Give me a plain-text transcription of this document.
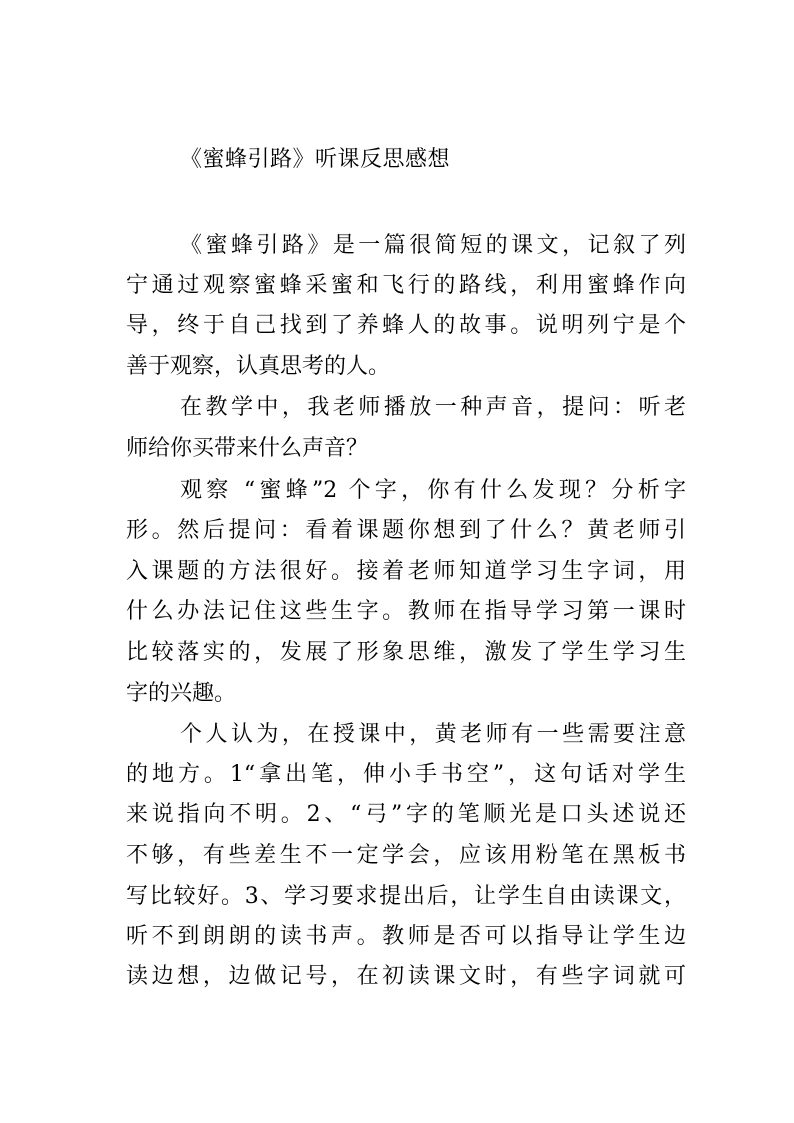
《蜜蜂引路》听课反思感想
《蜜蜂引路》是一篇很简短的课文，记叙了列
宁通过观察蜜蜂采蜜和飞行的路线，利用蜜蜂作向
导，终于自己找到了养蜂人的故事。说明列宁是个
善于观察，认真思考的人。
在教学中，我老师播放一种声音，提问：听老
师给你买带来什么声音？
观察 “蜜蜂”2 个字，你有什么发现？分析字
形。然后提问：看着课题你想到了什么？黄老师引
入课题的方法很好。接着老师知道学习生字词，用
什么办法记住这些生字。教师在指导学习第一课时
比较落实的，发展了形象思维，激发了学生学习生
字的兴趣。
个人认为，在授课中，黄老师有一些需要注意
的地方。1“拿出笔，伸小手书空”，这句话对学生
来说指向不明。2、“弓”字的笔顺光是口头述说还
不够，有些差生不一定学会，应该用粉笔在黑板书
写比较好。3、学习要求提出后，让学生自由读课文，
听不到朗朗的读书声。教师是否可以指导让学生边
读边想，边做记号，在初读课文时，有些字词就可
